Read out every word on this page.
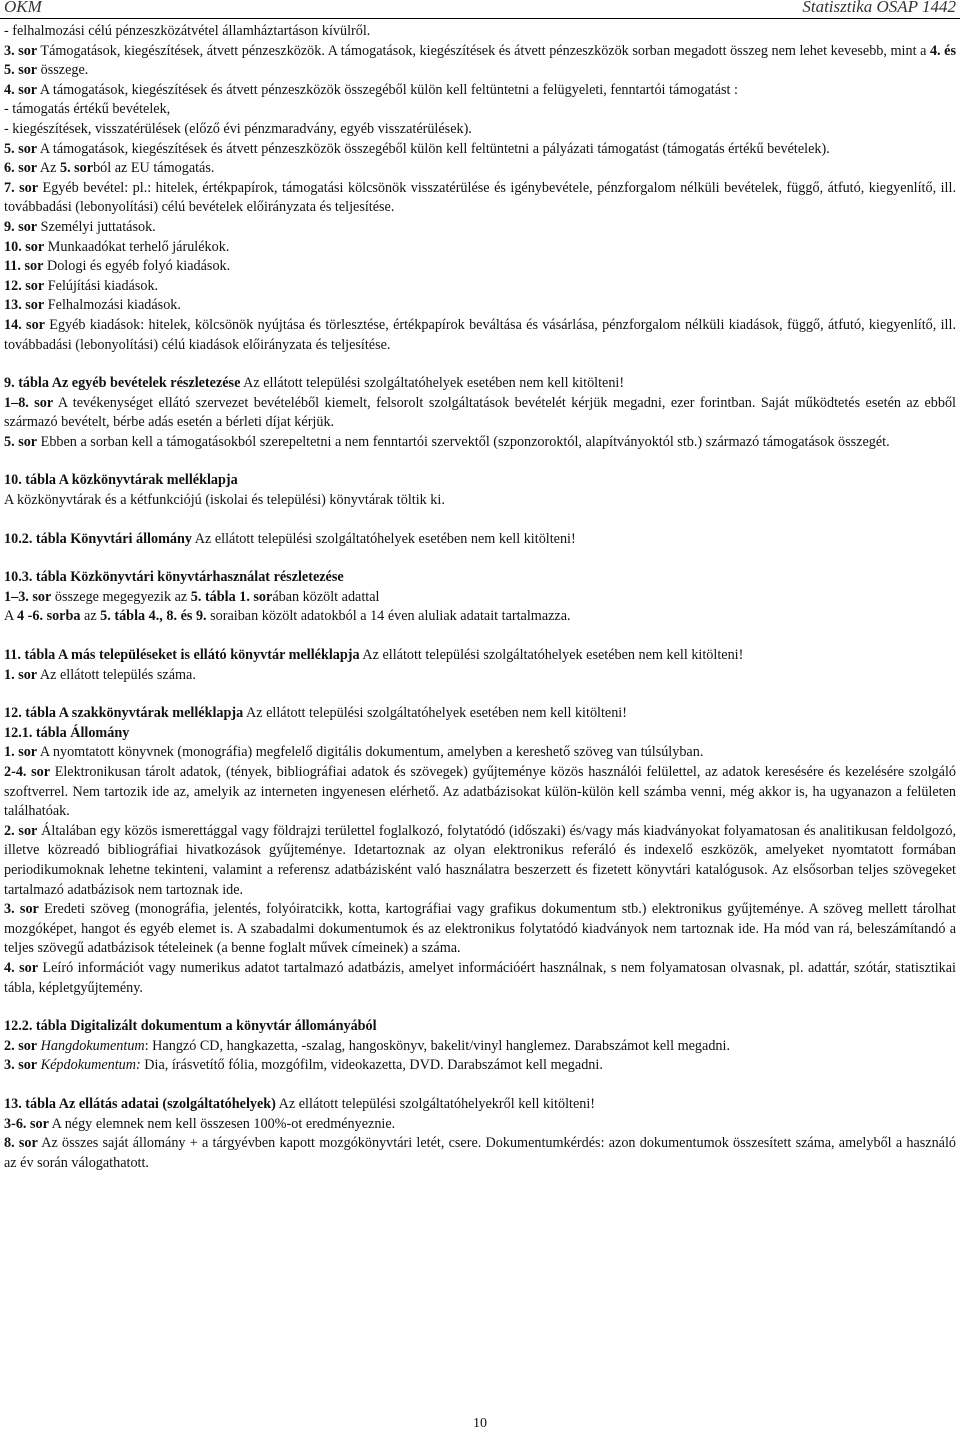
OKM	Statisztika OSAP 1442

- felhalmozási célú pénzeszközátvétel államháztartáson kívülről.

3. sor Támogatások, kiegészítések, átvett pénzeszközök. A támogatások, kiegészítések és átvett pénzeszközök sorban megadott összeg nem lehet kevesebb, mint a 4. és 5. sor összege.

4. sor A támogatások, kiegészítések és átvett pénzeszközök összegéből külön kell feltüntetni a felügyeleti, fenntartói támogatást :

- támogatás értékű bevételek,

- kiegészítések, visszatérülések (előző évi pénzmaradvány, egyéb visszatérülések).

5. sor A támogatások, kiegészítések és átvett pénzeszközök összegéből külön kell feltüntetni a pályázati támogatást (támogatás értékű bevételek).

6. sor Az 5. sorból az EU támogatás.

7. sor Egyéb bevétel: pl.: hitelek, értékpapírok, támogatási kölcsönök visszatérülése és igénybevétele, pénzforgalom nélküli bevételek, függő, átfutó, kiegyenlítő, ill. továbbadási (lebonyolítási) célú bevételek előirányzata és teljesítése.

9. sor Személyi juttatások.

10. sor Munkaadókat terhelő járulékok.

11. sor Dologi és egyéb folyó kiadások.

12. sor Felújítási kiadások.

13. sor Felhalmozási kiadások.

14. sor Egyéb kiadások: hitelek, kölcsönök nyújtása és törlesztése, értékpapírok beváltása és vásárlása, pénzforgalom nélküli kiadások, függő, átfutó, kiegyenlítő, ill. továbbadási (lebonyolítási) célú kiadások előirányzata és teljesítése.

9. tábla Az egyéb bevételek részletezése Az ellátott települési szolgáltatóhelyek esetében nem kell kitölteni!

1–8. sor A tevékenységet ellátó szervezet bevételéből kiemelt, felsorolt szolgáltatások bevételét kérjük megadni, ezer forintban. Saját működtetés esetén az ebből származó bevételt, bérbe adás esetén a bérleti díjat kérjük.

5. sor Ebben a sorban kell a támogatásokból szerepeltetni a nem fenntartói szervektől (szponzoroktól, alapítványoktól stb.) származó támogatások összegét.

10. tábla A közkönyvtárak melléklapja

A közkönyvtárak és a kétfunkciójú (iskolai és települési) könyvtárak töltik ki.

10.2. tábla Könyvtári állomány Az ellátott települési szolgáltatóhelyek esetében nem kell kitölteni!

10.3. tábla Közkönyvtári könyvtárhasználat részletezése

1–3. sor összege megegyezik az 5. tábla 1. sorában közölt adattal

A 4 -6. sorba az 5. tábla 4., 8. és 9. soraiban közölt adatokból a 14 éven aluliak adatait tartalmazza.

11. tábla A más településeket is ellátó könyvtár melléklapja Az ellátott települési szolgáltatóhelyek esetében nem kell kitölteni!

1. sor Az ellátott település száma.

12. tábla A szakkönyvtárak melléklapja Az ellátott települési szolgáltatóhelyek esetében nem kell kitölteni!

12.1. tábla Állomány

1. sor A nyomtatott könyvnek (monográfia) megfelelő digitális dokumentum, amelyben a kereshető szöveg van túlsúlyban.

2-4. sor Elektronikusan tárolt adatok, (tények, bibliográfiai adatok és szövegek) gyűjteménye közös használói felülettel, az adatok keresésére és kezelésére szolgáló szoftverrel. Nem tartozik ide az, amelyik az interneten ingyenesen elérhető. Az adatbázisokat külön-külön kell számba venni, még akkor is, ha ugyanazon a felületen találhatóak.

2. sor Általában egy közös ismerettággal vagy földrajzi területtel foglalkozó, folytatódó (időszaki) és/vagy más kiadványokat folyamatosan és analitikusan feldolgozó, illetve közreadó bibliográfiai hivatkozások gyűjteménye. Idetartoznak az olyan elektronikus referáló és indexelő eszközök, amelyeket nyomtatott formában periodikumoknak lehetne tekinteni, valamint a referensz adatbázisként való használatra beszerzett és fizetett könyvtári katalógusok. Az elsősorban teljes szövegeket tartalmazó adatbázisok nem tartoznak ide.

3. sor Eredeti szöveg (monográfia, jelentés, folyóiratcikk, kotta, kartográfiai vagy grafikus dokumentum stb.) elektronikus gyűjteménye. A szöveg mellett tárolhat mozgóképet, hangot és egyéb elemet is. A szabadalmi dokumentumok és az elektronikus folytatódó kiadványok nem tartoznak ide. Ha mód van rá, beleszámítandó a teljes szövegű adatbázisok tételeinek (a benne foglalt művek címeinek) a száma.

4. sor Leíró információt vagy numerikus adatot tartalmazó adatbázis, amelyet információért használnak, s nem folyamatosan olvasnak, pl. adattár, szótár, statisztikai tábla, képletgyűjtemény.

12.2. tábla Digitalizált dokumentum a könyvtár állományából

2. sor Hangdokumentum: Hangzó CD, hangkazetta, -szalag, hangoskönyv, bakelit/vinyl hanglemez. Darabszámot kell megadni.

3. sor Képdokumentum: Dia, írásvetítő fólia, mozgófilm, videokazetta, DVD. Darabszámot kell megadni.

13. tábla Az ellátás adatai (szolgáltatóhelyek) Az ellátott települési szolgáltatóhelyekről kell kitölteni!

3-6. sor A négy elemnek nem kell összesen 100%-ot eredményeznie.

8. sor Az összes saját állomány + a tárgyévben kapott mozgókönyvtári letét, csere. Dokumentumkérdés: azon dokumentumok összesített száma, amelyből a használó az év során válogathatott.

10
